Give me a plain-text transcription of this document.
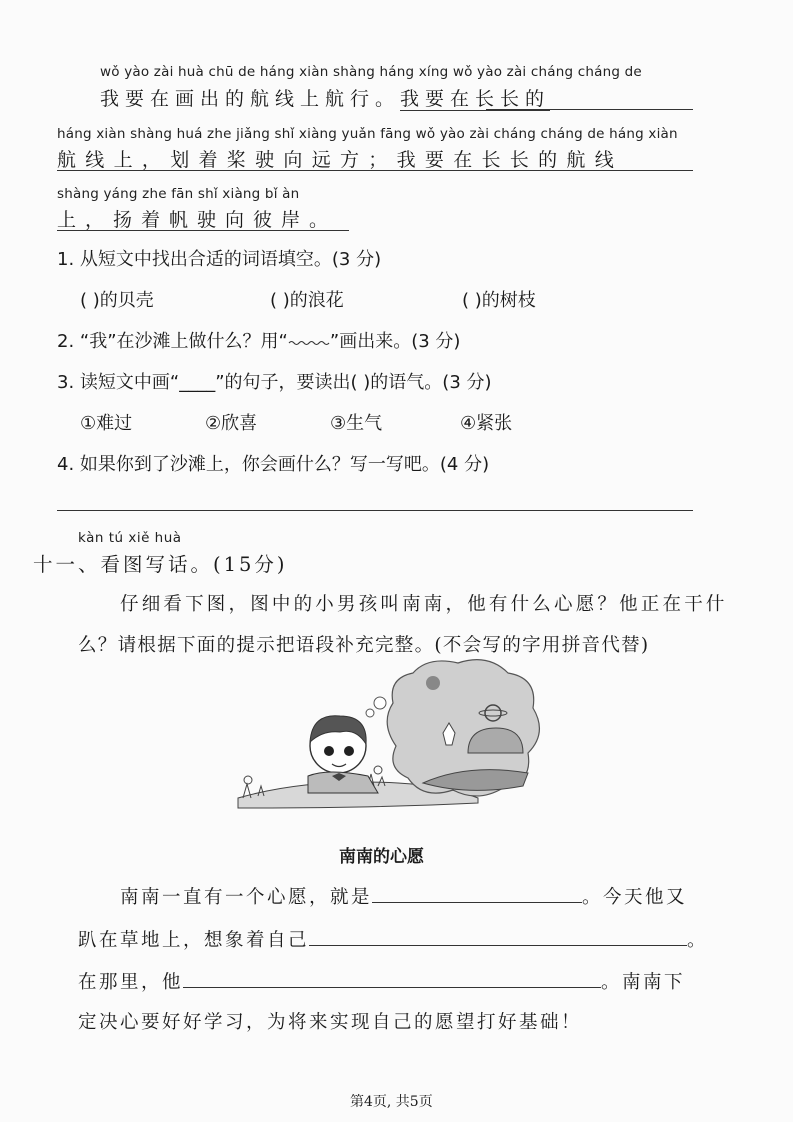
wǒ yào zài huà chū de háng xiàn shàng háng xíng wǒ yào zài cháng cháng de
我要在画出的航线上航行。我要在长长的
háng xiàn shàng huá zhe jiǎng shǐ xiàng yuǎn fāng wǒ yào zài cháng cháng de háng xiàn
航线上，划着桨驶向远方；我要在长长的航线
shàng yáng zhe fān shǐ xiàng bǐ àn
上，扬着帆驶向彼岸。
1. 从短文中找出合适的词语填空。(3 分)
( )的贝壳	( )的浪花	( )的树枝
2. “我”在沙滩上做什么？用“ ”画出来。(3 分)
3. 读短文中画“____”的句子，要读出( )的语气。(3 分)
①难过	②欣喜	③生气	④紧张
4. 如果你到了沙滩上，你会画什么？写一写吧。(4 分)
kàn tú xiě huà
十一、看图写话。(15分)
仔细看下图，图中的小男孩叫南南，他有什么心愿？他正在干什
么？请根据下面的提示把语段补充完整。(不会写的字用拼音代替)
南南的心愿
南南一直有一个心愿，就是	。今天他又
趴在草地上，想象着自己	。
在那里，他	。南南下
定决心要好好学习，为将来实现自己的愿望打好基础！
第4页, 共5页
